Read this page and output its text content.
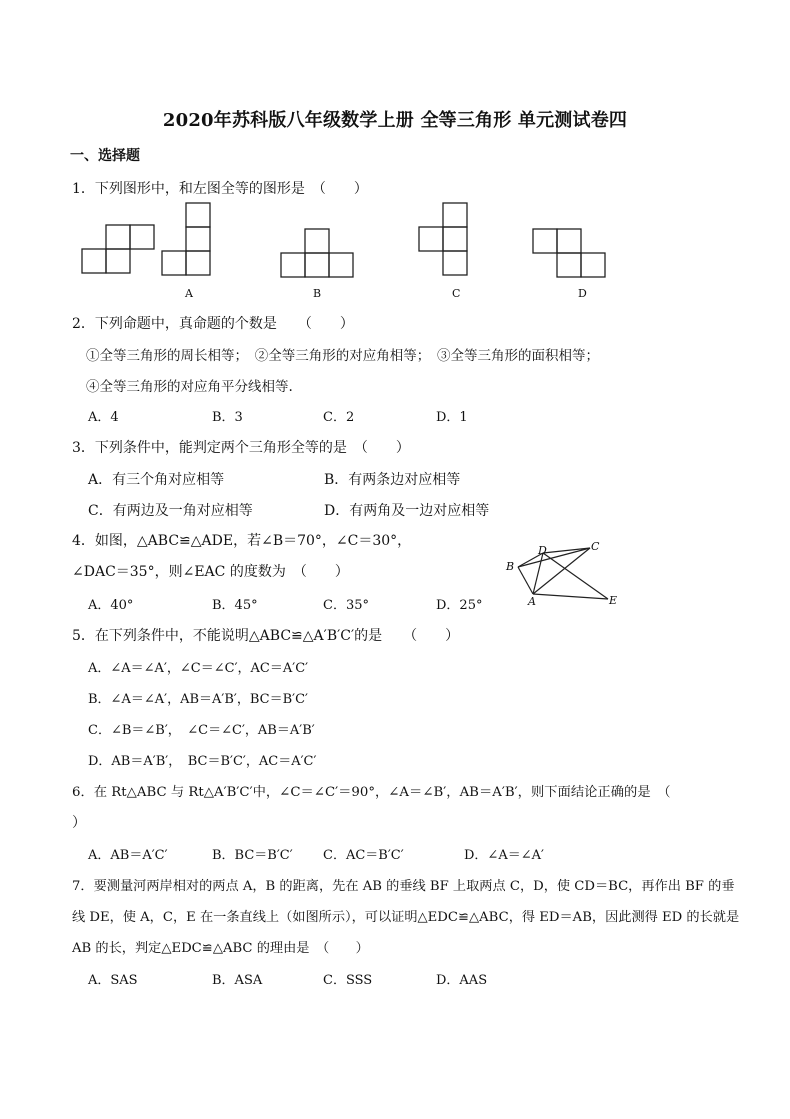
2020年苏科版八年级数学上册 全等三角形 单元测试卷四
一、选择题
1．下列图形中，和左图全等的图形是　（　　）
A	B	C	D
2．下列命题中，真命题的个数是　　（　　）
①全等三角形的周长相等；　②全等三角形的对应角相等；　③全等三角形的面积相等；
④全等三角形的对应角平分线相等.
A．4	B．3	C．2	D．1
3．下列条件中，能判定两个三角形全等的是　（　　）
A．有三个角对应相等	B．有两条边对应相等
C．有两边及一角对应相等	D．有两角及一边对应相等
4．如图，△ABC≌△ADE，若∠B＝70°，∠C＝30°，
∠DAC＝35°，则∠EAC 的度数为　（　　）
A．40°	B．45°	C．35°	D．25°
D	C
B
A	E
5．在下列条件中，不能说明△ABC≌△A′B′C′的是　　（　　）
A．∠A＝∠A′，∠C＝∠C′，AC＝A′C′
B．∠A＝∠A′，AB＝A′B′，BC＝B′C′
C．∠B＝∠B′，　∠C＝∠C′，AB＝A′B′
D．AB＝A′B′，　BC＝B′C′，AC＝A′C′
6．在 Rt△ABC 与 Rt△A′B′C′中，∠C＝∠C′＝90°，∠A＝∠B′，AB＝A′B′，则下面结论正确的是　（
）
A．AB＝A′C′	B．BC＝B′C′ C．AC＝B′C′	D．∠A＝∠A′
7．要测量河两岸相对的两点 A，B 的距离，先在 AB 的垂线 BF 上取两点 C，D，使 CD＝BC，再作出 BF 的垂
线 DE，使 A，C，E 在一条直线上（如图所示），可以证明△EDC≌△ABC，得 ED＝AB，因此测得 ED 的长就是
AB 的长，判定△EDC≌△ABC 的理由是　（　　）
A．SAS	B．ASA	C．SSS	D．AAS
